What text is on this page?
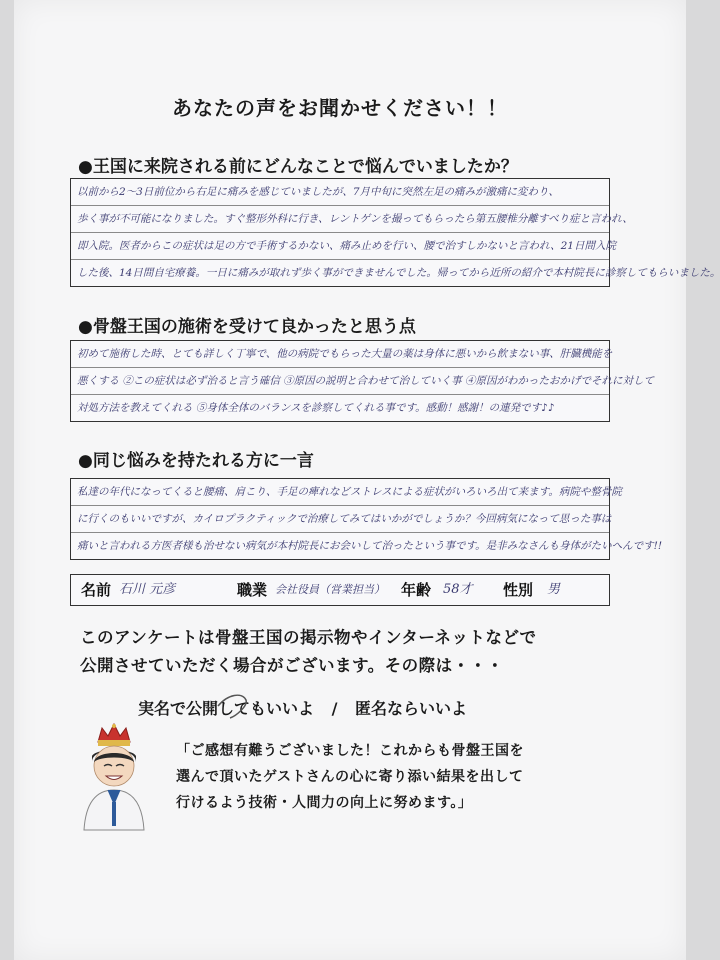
あなたの声をお聞かせください！！
●王国に来院される前にどんなことで悩んでいましたか？
以前から2〜3日前位から右足に痛みを感じていましたが、7月中旬に突然左足の痛みが激痛に変わり、
歩く事が不可能になりました。すぐ整形外科に行き、レントゲンを撮ってもらったら第五腰椎分離すべり症と言われ、
即入院。医者からこの症状は足の方で手術するかない、痛み止めを行い、腰で治すしかないと言われ、21日間入院
した後、14日間自宅療養。一日に痛みが取れず歩く事ができませんでした。帰ってから近所の紹介で本村院長に診察してもらいました。
●骨盤王国の施術を受けて良かったと思う点
初めて施術した時、とても詳しく丁寧で、他の病院でもらった大量の薬は身体に悪いから飲まない事、肝臓機能を
悪くする ②この症状は必ず治ると言う確信 ③原因の説明と合わせて治していく事 ④原因がわかったおかげでそれに対して
対処方法を教えてくれる ⑤身体全体のバランスを診察してくれる事です。感動！感謝！の連発です♪♪
●同じ悩みを持たれる方に一言
私達の年代になってくると腰痛、肩こり、手足の痺れなどストレスによる症状がいろいろ出て来ます。病院や整骨院
に行くのもいいですが、カイロプラクティックで治療してみてはいかがでしょうか？今回病気になって思った事は
痛いと言われる方医者様も治せない病気が本村院長にお会いして治ったという事です。是非みなさんも身体がたいへんです!!
名前 石川 元彦	職業 会社役員（営業担当） 年齢 58才 性別 男
このアンケートは骨盤王国の掲示物やインターネットなどで
公開させていただく場合がございます。その際は・・・
実名で公開してもいいよ / 匿名ならいいよ
「ご感想有難うございました！これからも骨盤王国を
選んで頂いたゲストさんの心に寄り添い結果を出して
行けるよう技術・人間力の向上に努めます。」
